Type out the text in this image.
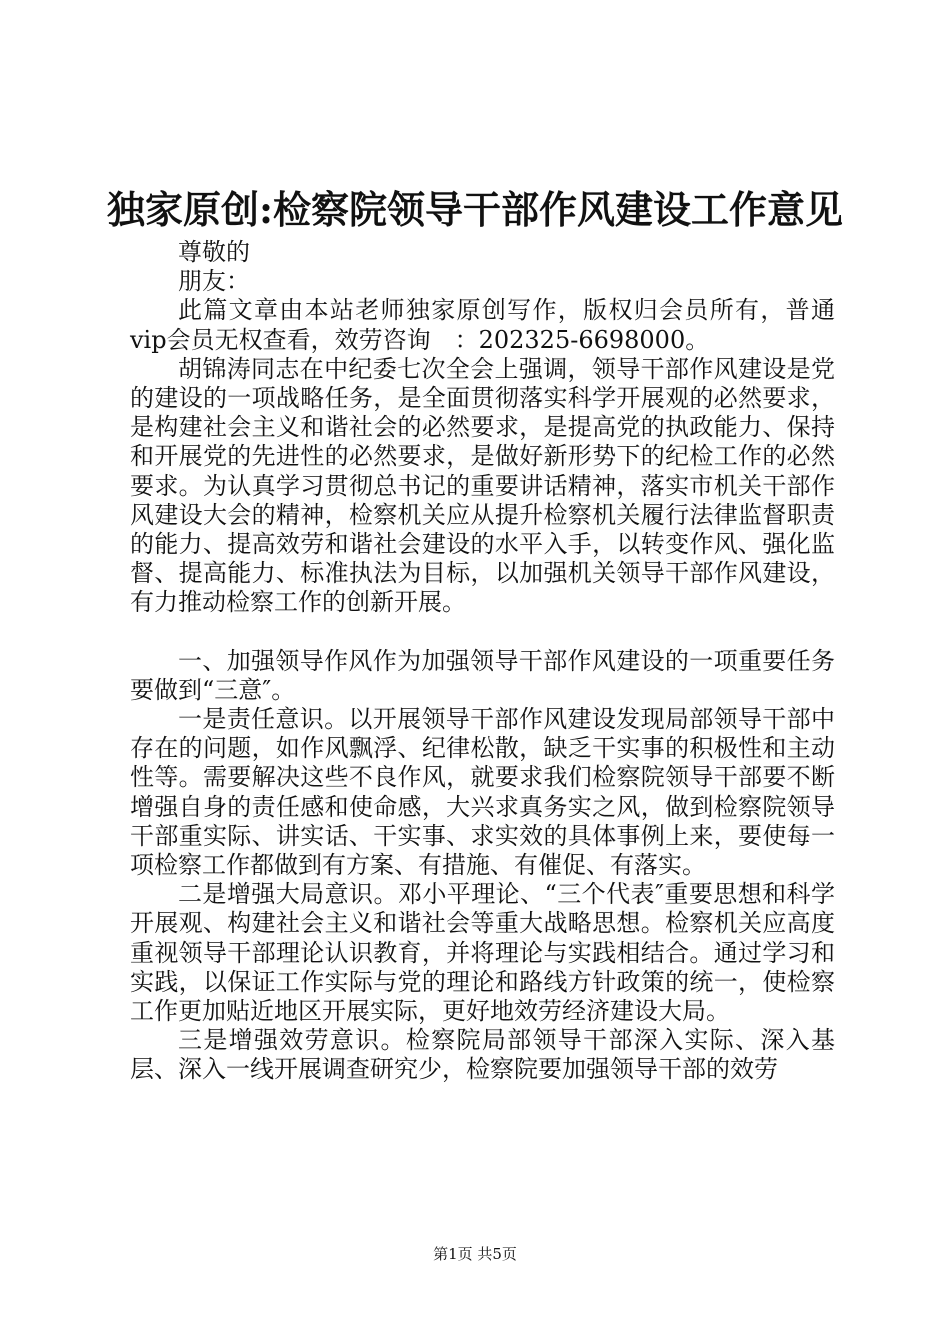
独家原创:检察院领导干部作风建设工作意见

尊敬的

朋友：

此篇文章由本站老师独家原创写作，版权归会员所有，普通vip会员无权查看，效劳咨询　：202325-6698000。

胡锦涛同志在中纪委七次全会上强调，领导干部作风建设是党的建设的一项战略任务，是全面贯彻落实科学开展观的必然要求，是构建社会主义和谐社会的必然要求，是提高党的执政能力、保持和开展党的先进性的必然要求，是做好新形势下的纪检工作的必然要求。为认真学习贯彻总书记的重要讲话精神，落实市机关干部作风建设大会的精神，检察机关应从提升检察机关履行法律监督职责的能力、提高效劳和谐社会建设的水平入手，以转变作风、强化监督、提高能力、标准执法为目标，以加强机关领导干部作风建设，有力推动检察工作的创新开展。

一、加强领导作风作为加强领导干部作风建设的一项重要任务要做到“三意″。

一是责任意识。以开展领导干部作风建设发现局部领导干部中存在的问题，如作风飘浮、纪律松散，缺乏干实事的积极性和主动性等。需要解决这些不良作风，就要求我们检察院领导干部要不断增强自身的责任感和使命感，大兴求真务实之风，做到检察院领导干部重实际、讲实话、干实事、求实效的具体事例上来，要使每一项检察工作都做到有方案、有措施、有催促、有落实。

二是增强大局意识。邓小平理论、“三个代表″重要思想和科学开展观、构建社会主义和谐社会等重大战略思想。检察机关应高度重视领导干部理论认识教育，并将理论与实践相结合。通过学习和实践，以保证工作实际与党的理论和路线方针政策的统一，使检察工作更加贴近地区开展实际，更好地效劳经济建设大局。

三是增强效劳意识。检察院局部领导干部深入实际、深入基层、深入一线开展调查研究少，检察院要加强领导干部的效劳

第1页 共5页
